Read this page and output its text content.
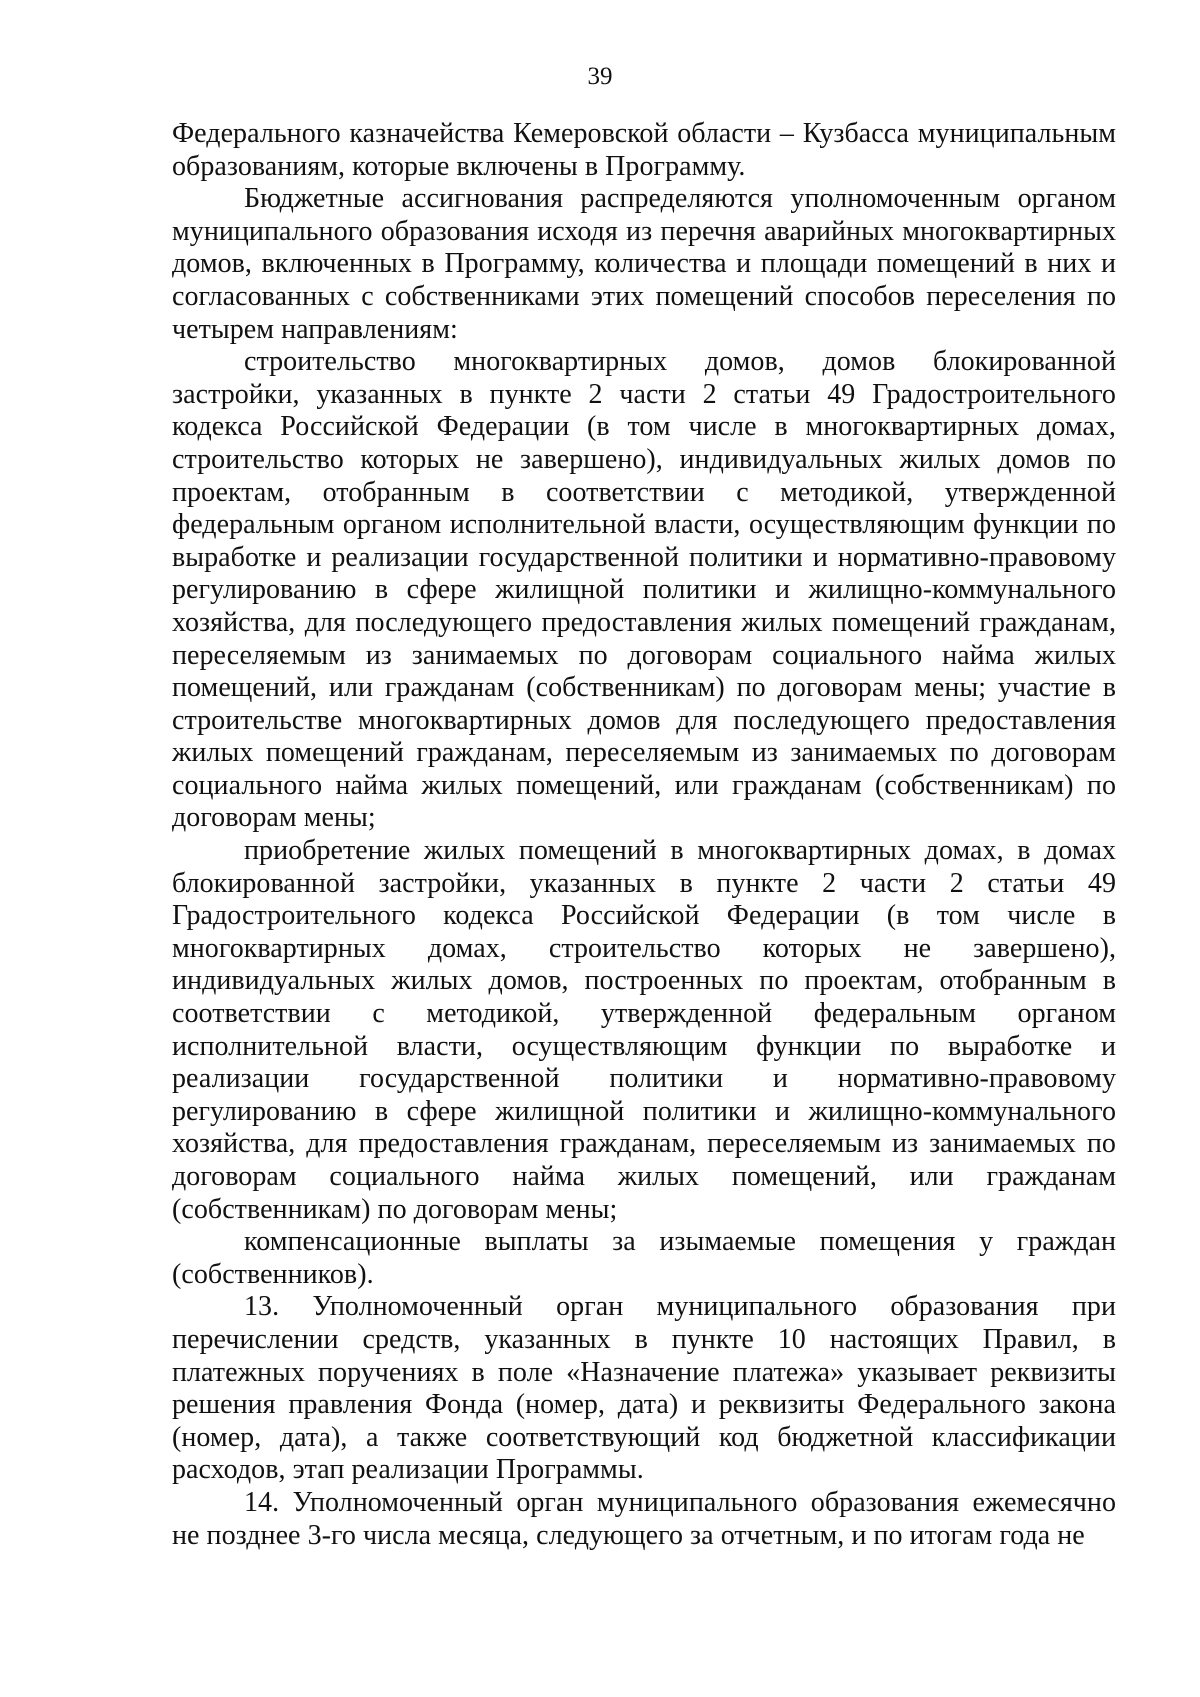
39

Федерального казначейства Кемеровской области – Кузбасса муниципальным образованиям, которые включены в Программу.

Бюджетные ассигнования распределяются уполномоченным органом муниципального образования исходя из перечня аварийных многоквартирных домов, включенных в Программу, количества и площади помещений в них и согласованных с собственниками этих помещений способов переселения по четырем направлениям:

строительство многоквартирных домов, домов блокированной застройки, указанных в пункте 2 части 2 статьи 49 Градостроительного кодекса Российской Федерации (в том числе в многоквартирных домах, строительство которых не завершено), индивидуальных жилых домов по проектам, отобранным в соответствии с методикой, утвержденной федеральным органом исполнительной власти, осуществляющим функции по выработке и реализации государственной политики и нормативно-правовому регулированию в сфере жилищной политики и жилищно-коммунального хозяйства, для последующего предоставления жилых помещений гражданам, переселяемым из занимаемых по договорам социального найма жилых помещений, или гражданам (собственникам) по договорам мены; участие в строительстве многоквартирных домов для последующего предоставления жилых помещений гражданам, переселяемым из занимаемых по договорам социального найма жилых помещений, или гражданам (собственникам) по договорам мены;

приобретение жилых помещений в многоквартирных домах, в домах блокированной застройки, указанных в пункте 2 части 2 статьи 49 Градостроительного кодекса Российской Федерации (в том числе в многоквартирных домах, строительство которых не завершено), индивидуальных жилых домов, построенных по проектам, отобранным в соответствии с методикой, утвержденной федеральным органом исполнительной власти, осуществляющим функции по выработке и реализации государственной политики и нормативно-правовому регулированию в сфере жилищной политики и жилищно-коммунального хозяйства, для предоставления гражданам, переселяемым из занимаемых по договорам социального найма жилых помещений, или гражданам (собственникам) по договорам мены;

компенсационные выплаты за изымаемые помещения у граждан (собственников).

13. Уполномоченный орган муниципального образования при перечислении средств, указанных в пункте 10 настоящих Правил, в платежных поручениях в поле «Назначение платежа» указывает реквизиты решения правления Фонда (номер, дата) и реквизиты Федерального закона (номер, дата), а также соответствующий код бюджетной классификации расходов, этап реализации Программы.

14. Уполномоченный орган муниципального образования ежемесячно не позднее 3-го числа месяца, следующего за отчетным, и по итогам года не
